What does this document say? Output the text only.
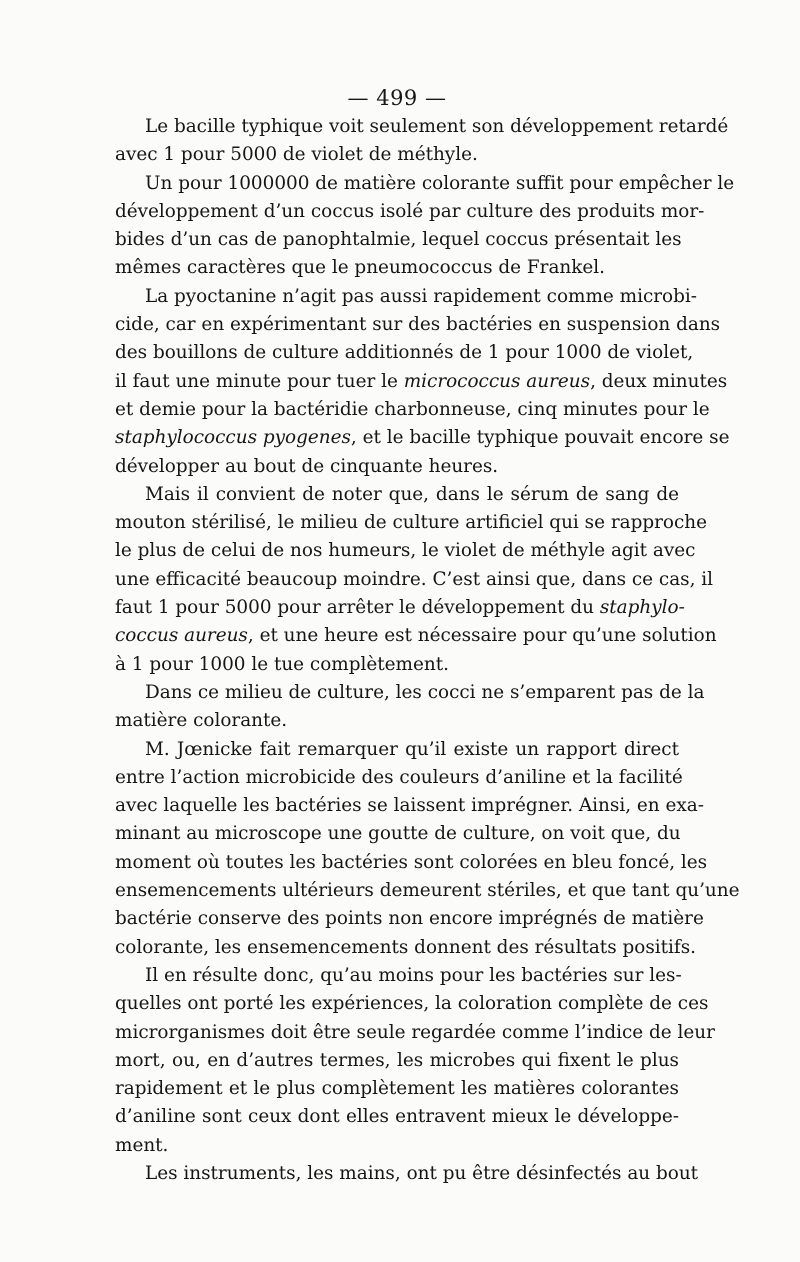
— 499 —
Le bacille typhique voit seulement son développement retardé
avec 1 pour 5000 de violet de méthyle.
Un pour 1000000 de matière colorante suffit pour empêcher le
développement d’un coccus isolé par culture des produits mor-
bides d’un cas de panophtalmie, lequel coccus présentait les
mêmes caractères que le pneumococcus de Frankel.
La pyoctanine n’agit pas aussi rapidement comme microbi-
cide, car en expérimentant sur des bactéries en suspension dans
des bouillons de culture additionnés de 1 pour 1000 de violet,
il faut une minute pour tuer le micrococcus aureus, deux minutes
et demie pour la bactéridie charbonneuse, cinq minutes pour le
staphylococcus pyogenes, et le bacille typhique pouvait encore se
développer au bout de cinquante heures.
Mais il convient de noter que, dans le sérum de sang de
mouton stérilisé, le milieu de culture artificiel qui se rapproche
le plus de celui de nos humeurs, le violet de méthyle agit avec
une efficacité beaucoup moindre. C’est ainsi que, dans ce cas, il
faut 1 pour 5000 pour arrêter le développement du staphylo-
coccus aureus, et une heure est nécessaire pour qu’une solution
à 1 pour 1000 le tue complètement.
Dans ce milieu de culture, les cocci ne s’emparent pas de la
matière colorante.
M. Jœnicke fait remarquer qu’il existe un rapport direct
entre l’action microbicide des couleurs d’aniline et la facilité
avec laquelle les bactéries se laissent imprégner. Ainsi, en exa-
minant au microscope une goutte de culture, on voit que, du
moment où toutes les bactéries sont colorées en bleu foncé, les
ensemencements ultérieurs demeurent stériles, et que tant qu’une
bactérie conserve des points non encore imprégnés de matière
colorante, les ensemencements donnent des résultats positifs.
Il en résulte donc, qu’au moins pour les bactéries sur les-
quelles ont porté les expériences, la coloration complète de ces
microrganismes doit être seule regardée comme l’indice de leur
mort, ou, en d’autres termes, les microbes qui fixent le plus
rapidement et le plus complètement les matières colorantes
d’aniline sont ceux dont elles entravent mieux le développe-
ment.
Les instruments, les mains, ont pu être désinfectés au bout
